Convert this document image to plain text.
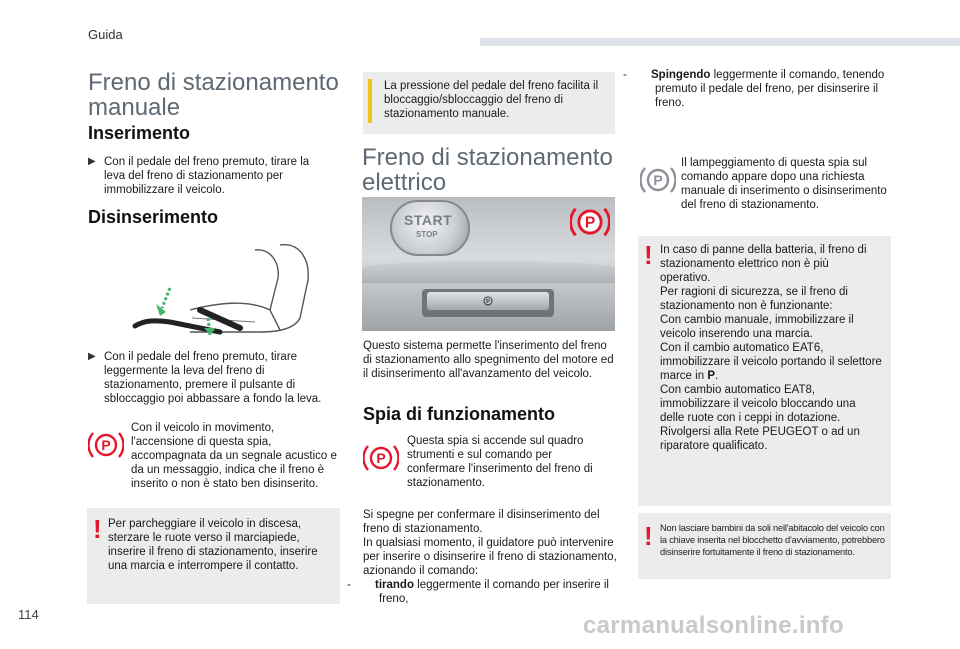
Guida
Freno di stazionamento
manuale
Inserimento
▶ Con il pedale del freno premuto, tirare la leva del freno di stazionamento per immobilizzare il veicolo.
Disinserimento
▶ Con il pedale del freno premuto, tirare leggermente la leva del freno di stazionamento, premere il pulsante di sbloccaggio poi abbassare a fondo la leva.
P
Con il veicolo in movimento, l'accensione di questa spia, accompagnata da un segnale acustico e da un messaggio, indica che il freno è inserito o non è stato ben disinserito.
! Per parcheggiare il veicolo in discesa, sterzare le ruote verso il marciapiede, inserire il freno di stazionamento, inserire una marcia e interrompere il contatto.
La pressione del pedale del freno facilita il bloccaggio/sbloccaggio del freno di stazionamento manuale.
Freno di stazionamento
elettrico
START
STOP
P
P
Questo sistema permette l'inserimento del freno di stazionamento allo spegnimento del motore ed il disinserimento all'avanzamento del veicolo.
Spia di funzionamento
P
Questa spia si accende sul quadro strumenti e sul comando per confermare l'inserimento del freno di stazionamento.
Si spegne per confermare il disinserimento del freno di stazionamento.
In qualsiasi momento, il guidatore può intervenire per inserire o disinserire il freno di stazionamento, azionando il comando:
- tirando leggermente il comando per inserire il freno,
- Spingendo leggermente il comando, tenendo premuto il pedale del freno, per disinserire il freno.
P
Il lampeggiamento di questa spia sul comando appare dopo una richiesta manuale di inserimento o disinserimento del freno di stazionamento.
! In caso di panne della batteria, il freno di stazionamento elettrico non è più operativo.
Per ragioni di sicurezza, se il freno di stazionamento non è funzionante:
Con cambio manuale, immobilizzare il veicolo inserendo una marcia.
Con il cambio automatico EAT6, immobilizzare il veicolo portando il selettore marce in P.
Con cambio automatico EAT8, immobilizzare il veicolo bloccando una delle ruote con i ceppi in dotazione.
Rivolgersi alla Rete PEUGEOT o ad un riparatore qualificato.
! Non lasciare bambini da soli nell'abitacolo del veicolo con la chiave inserita nel blocchetto d'avviamento, potrebbero disinserire fortuitamente il freno di stazionamento.
114	carmanualsonline.info
